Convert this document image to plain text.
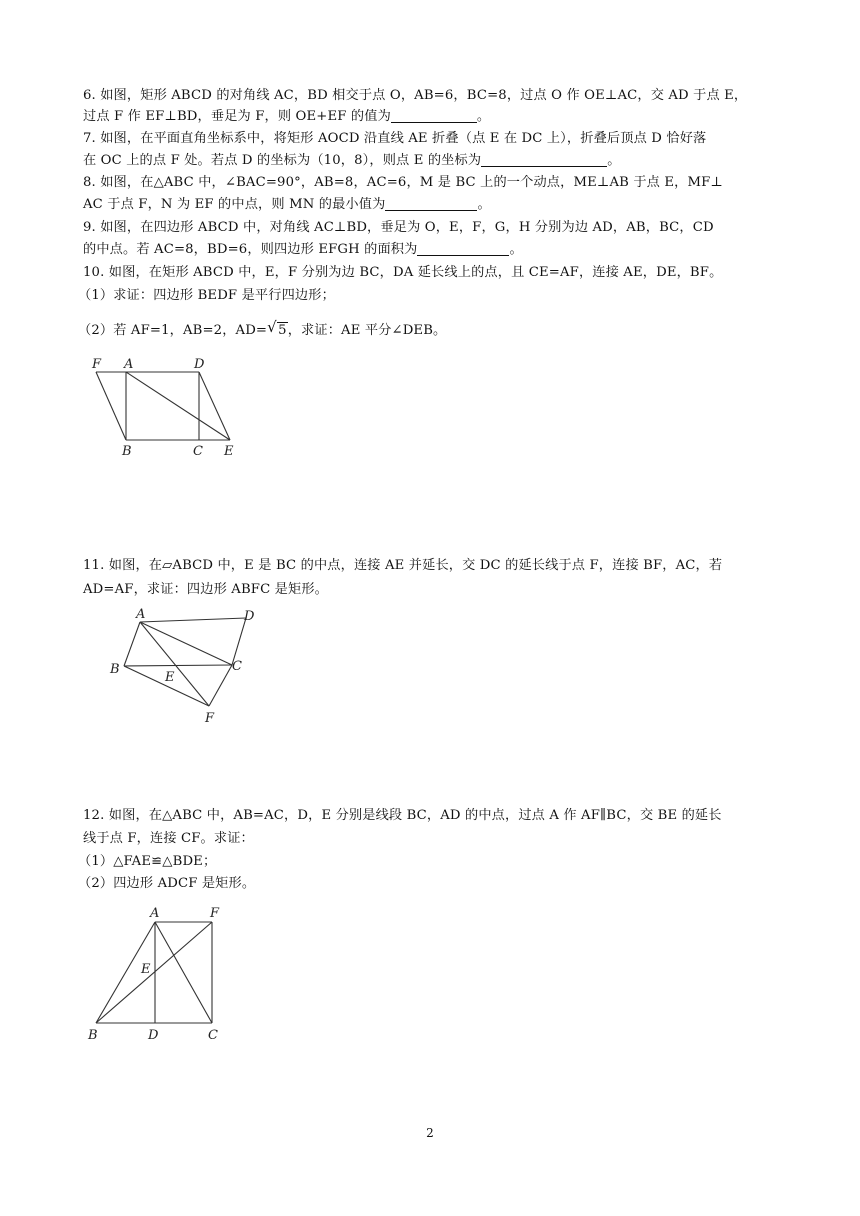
6. 如图，矩形 ABCD 的对角线 AC，BD 相交于点 O，AB=6，BC=8，过点 O 作 OE⊥AC，交 AD 于点 E，
过点 F 作 EF⊥BD，垂足为 F，则 OE+EF 的值为	。
7. 如图，在平面直角坐标系中，将矩形 AOCD 沿直线 AE 折叠（点 E 在 DC 上），折叠后顶点 D 恰好落
在 OC 上的点 F 处。若点 D 的坐标为（10，8），则点 E 的坐标为	。
8. 如图，在△ABC 中，∠BAC=90°，AB=8，AC=6，M 是 BC 上的一个动点，ME⊥AB 于点 E，MF⊥
AC 于点 F，N 为 EF 的中点，则 MN 的最小值为	。
9. 如图，在四边形 ABCD 中，对角线 AC⊥BD，垂足为 O，E，F，G，H 分别为边 AD，AB，BC，CD
的中点。若 AC=8，BD=6，则四边形 EFGH 的面积为	。
10. 如图，在矩形 ABCD 中，E，F 分别为边 BC，DA 延长线上的点，且 CE=AF，连接 AE，DE，BF。
（1）求证：四边形 BEDF 是平行四边形；
（2）若 AF=1，AB=2，AD= √ 5，求证：AE 平分∠DEB。
F A	D
B	C E
11. 如图，在▱ABCD 中，E 是 BC 的中点，连接 AE 并延长，交 DC 的延长线于点 F，连接 BF，AC，若
AD=AF，求证：四边形 ABFC 是矩形。
A	D
B	C
E
F
12. 如图，在△ABC 中，AB=AC，D，E 分别是线段 BC，AD 的中点，过点 A 作 AF∥BC，交 BE 的延长
线于点 F，连接 CF。求证：
（1）△FAE≌△BDE；
（2）四边形 ADCF 是矩形。
A	F
E
B	D	C
2
